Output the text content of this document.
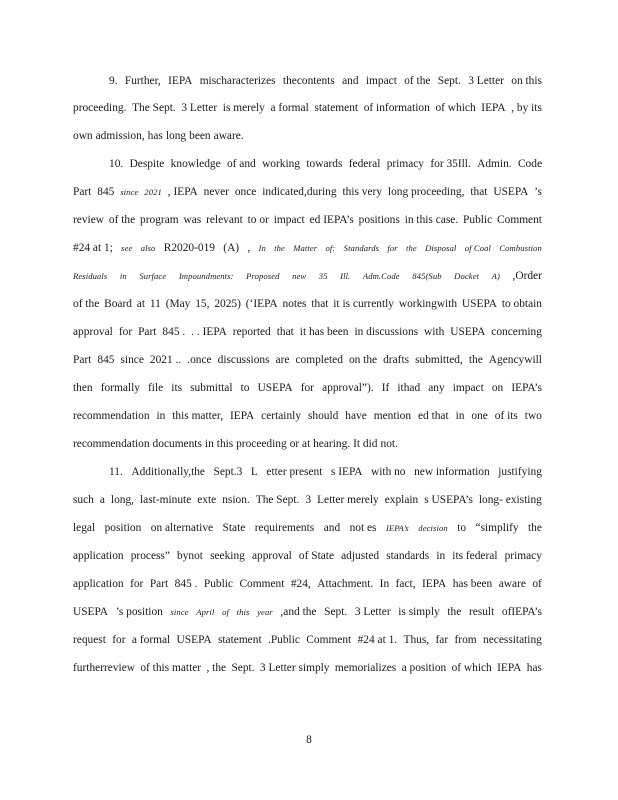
9. Further, IEPA mischaracterizes thecontents and impact of the Sept. 3 Letter on this
proceeding. The Sept. 3 Letter is merely a formal statement of information of which IEPA , by its
own admission, has long been aware.
10. Despite knowledge of and working towards federal primacy for 35Ill. Admin. Code
Part 845 since 2021 , IEPA never once indicated,during this very long proceeding, that USEPA ’s
review of the program was relevant to or impact ed IEPA’s positions in this case. Public Comment
#24 at 1; see also R2020-019 (A) , In the Matter of: Standards for the Disposal of Coal Combustion
Residuals in Surface Impoundments: Proposed new 35 Ill. Adm.Code 845(Sub Docket A) ,Order
of the Board at 11 (May 15, 2025) (‘IEPA notes that it is currently workingwith USEPA to obtain
approval for Part 845 . . . IEPA reported that it has been in discussions with USEPA concerning
Part 845 since 2021 .. .once discussions are completed on the drafts submitted, the Agencywill
then formally file its submittal to USEPA for approval”). If ithad any impact on IEPA’s
recommendation in this matter, IEPA certainly should have mention ed that in one of its two
recommendation documents in this proceeding or at hearing. It did not.
11. Additionally,the Sept.3 L etter present s IEPA with no new information justifying
such a long, last-minute exte nsion. The Sept. 3 Letter merely explain s USEPA’s long- existing
legal position on alternative State requirements and not es IEPA’s decision to “simplify the
application process” bynot seeking approval of State adjusted standards in its federal primacy
application for Part 845 . Public Comment #24, Attachment. In fact, IEPA has been aware of
USEPA ’s position since April of this year ,and the Sept. 3 Letter is simply the result ofIEPA’s
request for a formal USEPA statement .Public Comment #24 at 1. Thus, far from necessitating
furtherreview of this matter , the Sept. 3 Letter simply memorializes a position of which IEPA has
8
